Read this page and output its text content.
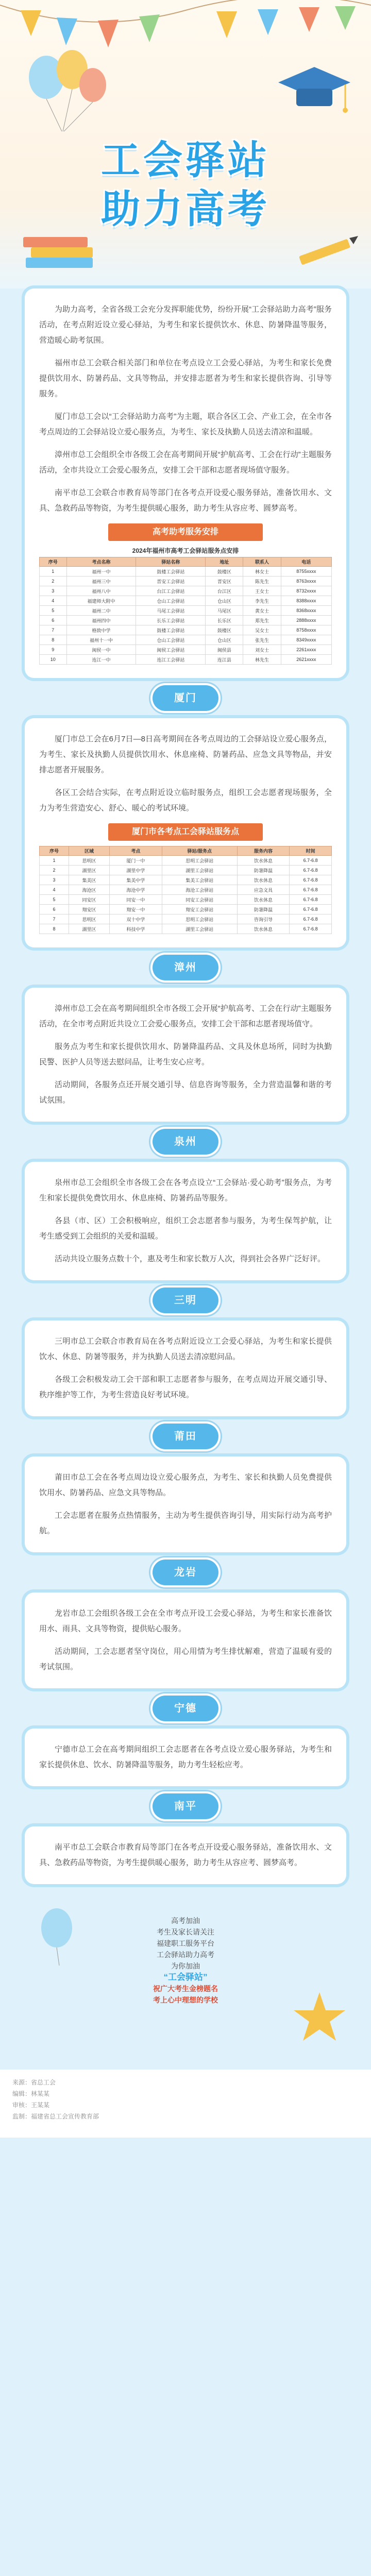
工会驿站
助力高考

为助力高考，全省各级工会充分发挥职能优势，纷纷开展“工会驿站助力高考”服务活动，在考点附近设立爱心驿站，为考生和家长提供饮水、休息、防暑降温等服务，营造暖心助考氛围。

福州市总工会联合相关部门和单位在考点设立工会爱心驿站，为考生和家长免费提供饮用水、防暑药品、文具等物品，并安排志愿者为考生和家长提供咨询、引导等服务。

厦门市总工会以“工会驿站助力高考”为主题，联合各区工会、产业工会，在全市各考点周边的工会驿站设立爱心服务点，为考生、家长及执勤人员送去清凉和温暖。

漳州市总工会组织全市各级工会在高考期间开展“护航高考、工会在行动”主题服务活动，全市共设立工会爱心服务点，安排工会干部和志愿者现场值守服务。

南平市总工会联合市教育局等部门在各考点开设爱心服务驿站，准备饮用水、文具、急救药品等物资，为考生提供暖心服务，助力考生从容应考、圆梦高考。

高考助考服务安排
2024年福州市高考工会驿站服务点安排
序号	考点名称	驿站名称	地址	联系人	电话
1	福州一中	鼓楼工会驿站	鼓楼区	林女士	8755xxxx
2	福州三中	晋安工会驿站	晋安区	陈先生	8763xxxx
3	福州八中	台江工会驿站	台江区	王女士	8732xxxx
4	福建师大附中	仓山工会驿站	仓山区	李先生	8388xxxx
5	福州二中	马尾工会驿站	马尾区	黄女士	8368xxxx
6	福州四中	长乐工会驿站	长乐区	郑先生	2888xxxx
7	格致中学	鼓楼工会驿站	鼓楼区	吴女士	8758xxxx
8	福州十一中	仓山工会驿站	仓山区	张先生	8349xxxx
9	闽侯一中	闽侯工会驿站	闽侯县	刘女士	2261xxxx
10	连江一中	连江工会驿站	连江县	林先生	2621xxxx
厦门

厦门市总工会在6月7日—8日高考期间在各考点周边的工会驿站设立爱心服务点，为考生、家长及执勤人员提供饮用水、休息座椅、防暑药品、应急文具等物品，并安排志愿者开展服务。

各区工会结合实际，在考点附近设立临时服务点，组织工会志愿者现场服务，全力为考生营造安心、舒心、暖心的考试环境。

厦门市各考点工会驿站服务点
序号	区域	考点	驿站/服务点	服务内容	时间
1	思明区	厦门一中	思明工会驿站	饮水休息	6.7-6.8
2	湖里区	湖里中学	湖里工会驿站	防暑降温	6.7-6.8
3	集美区	集美中学	集美工会驿站	饮水休息	6.7-6.8
4	海沧区	海沧中学	海沧工会驿站	应急文具	6.7-6.8
5	同安区	同安一中	同安工会驿站	饮水休息	6.7-6.8
6	翔安区	翔安一中	翔安工会驿站	防暑降温	6.7-6.8
7	思明区	双十中学	思明工会驿站	咨询引导	6.7-6.8
8	湖里区	科技中学	湖里工会驿站	饮水休息	6.7-6.8
漳州

漳州市总工会在高考期间组织全市各级工会开展“护航高考、工会在行动”主题服务活动，在全市考点附近共设立工会爱心服务点，安排工会干部和志愿者现场值守。

服务点为考生和家长提供饮用水、防暑降温药品、文具及休息场所，同时为执勤民警、医护人员等送去慰问品，让考生安心应考。

活动期间，各服务点还开展交通引导、信息咨询等服务，全力营造温馨和谐的考试氛围。

泉州

泉州市总工会组织全市各级工会在各考点设立“工会驿站·爱心助考”服务点，为考生和家长提供免费饮用水、休息座椅、防暑药品等服务。

各县（市、区）工会积极响应，组织工会志愿者参与服务，为考生保驾护航，让考生感受到工会组织的关爱和温暖。

活动共设立服务点数十个，惠及考生和家长数万人次，得到社会各界广泛好评。

三明

三明市总工会联合市教育局在各考点附近设立工会爱心驿站，为考生和家长提供饮水、休息、防暑等服务，并为执勤人员送去清凉慰问品。

各级工会积极发动工会干部和职工志愿者参与服务，在考点周边开展交通引导、秩序维护等工作，为考生营造良好考试环境。

莆田

莆田市总工会在各考点周边设立爱心服务点，为考生、家长和执勤人员免费提供饮用水、防暑药品、应急文具等物品。

工会志愿者在服务点热情服务，主动为考生提供咨询引导，用实际行动为高考护航。

龙岩

龙岩市总工会组织各级工会在全市考点开设工会爱心驿站，为考生和家长准备饮用水、雨具、文具等物资，提供贴心服务。

活动期间，工会志愿者坚守岗位，用心用情为考生排忧解难，营造了温暖有爱的考试氛围。

宁德

宁德市总工会在高考期间组织工会志愿者在各考点设立爱心服务驿站，为考生和家长提供休息、饮水、防暑降温等服务，助力考生轻松应考。

南平

南平市总工会联合市教育局等部门在各考点开设爱心服务驿站，准备饮用水、文具、急救药品等物资，为考生提供暖心服务，助力考生从容应考、圆梦高考。

高考加油
考生及家长请关注
福建职工服务平台
工会驿站助力高考
为你加油
“工会驿站”
祝广大考生金榜题名
考上心中理想的学校
来源：省总工会
编辑：林某某
审核：王某某
监制：福建省总工会宣传教育部
